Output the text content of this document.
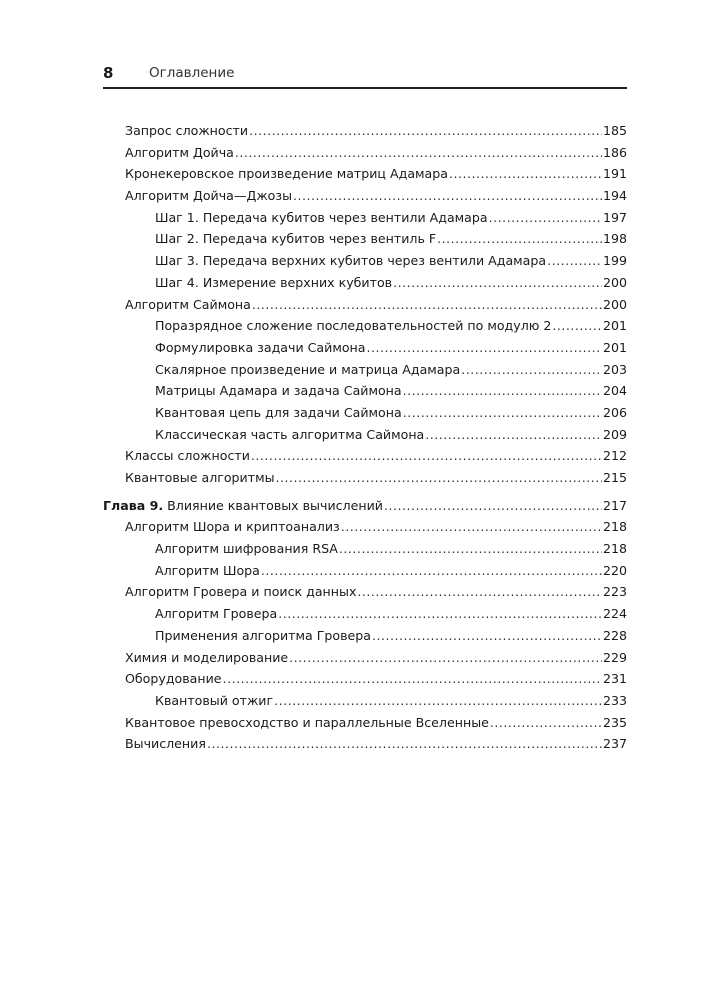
8	Оглавление
Запрос сложности .....	185
Алгоритм Дойча .....	186
Кронекеровское произведение матриц Адамара .....	191
Алгоритм Дойча—Джозы .....	194
Шаг 1. Передача кубитов через вентили Адамара .....	197
Шаг 2. Передача кубитов через вентиль F .....	198
Шаг 3. Передача верхних кубитов через вентили Адамара .....	199
Шаг 4. Измерение верхних кубитов .....	200
Алгоритм Саймона .....	200
Поразрядное сложение последовательностей по модулю 2 .....	201
Формулировка задачи Саймона .....	201
Скалярное произведение и матрица Адамара .....	203
Матрицы Адамара и задача Саймона .....	204
Квантовая цепь для задачи Саймона .....	206
Классическая часть алгоритма Саймона .....	209
Классы сложности .....	212
Квантовые алгоритмы .....	215
Глава 9. Влияние квантовых вычислений .....	217
Алгоритм Шора и криптоанализ .....	218
Алгоритм шифрования RSA .....	218
Алгоритм Шора .....	220
Алгоритм Гровера и поиск данных .....	223
Алгоритм Гровера .....	224
Применения алгоритма Гровера .....	228
Химия и моделирование .....	229
Оборудование .....	231
Квантовый отжиг .....	233
Квантовое превосходство и параллельные Вселенные .....	235
Вычисления .....	237
